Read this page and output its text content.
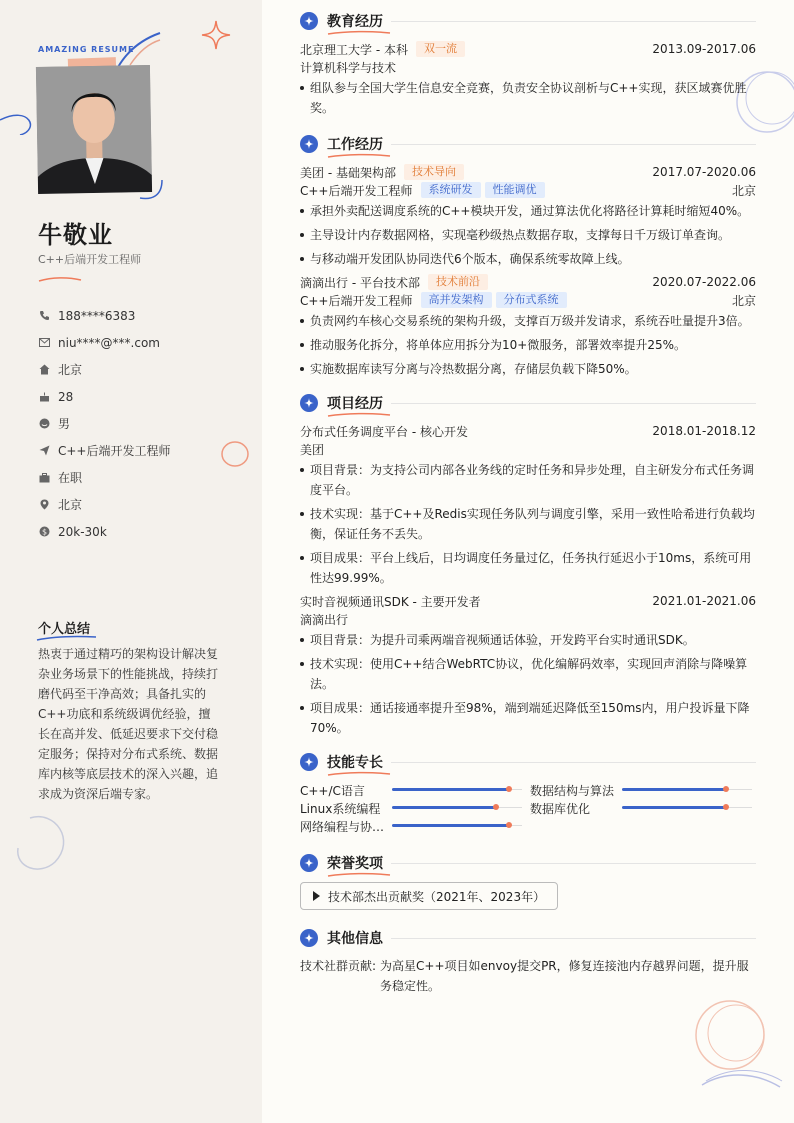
AMAZING RESUME
牛敬业
C++后端开发工程师
188****6383
niu****@***.com
北京
28
男
C++后端开发工程师
在职
北京
$ 20k-30k
个人总结
热衷于通过精巧的架构设计解决复杂业务场景下的性能挑战，持续打磨代码至干净高效；具备扎实的C++功底和系统级调优经验，擅长在高并发、低延迟要求下交付稳定服务；保持对分布式系统、数据库内核等底层技术的深入兴趣，追求成为资深后端专家。
教育经历
北京理工大学 - 本科	双一流	2013.09-2017.06
计算机科学与技术
组队参与全国大学生信息安全竞赛，负责安全协议剖析与C++实现，获区域赛优胜奖。
工作经历
美团 - 基础架构部	技术导向	2017.07-2020.06
C++后端开发工程师	系统研发	性能调优	北京
承担外卖配送调度系统的C++模块开发，通过算法优化将路径计算耗时缩短40%。
主导设计内存数据网格，实现毫秒级热点数据存取，支撑每日千万级订单查询。
与移动端开发团队协同迭代6个版本，确保系统零故障上线。
滴滴出行 - 平台技术部	技术前沿	2020.07-2022.06
C++后端开发工程师	高并发架构	分布式系统	北京
负责网约车核心交易系统的架构升级，支撑百万级并发请求，系统吞吐量提升3倍。
推动服务化拆分，将单体应用拆分为10+微服务，部署效率提升25%。
实施数据库读写分离与冷热数据分离，存储层负载下降50%。
项目经历
分布式任务调度平台 - 核心开发	2018.01-2018.12
美团
项目背景：为支持公司内部各业务线的定时任务和异步处理，自主研发分布式任务调度平台。
技术实现：基于C++及Redis实现任务队列与调度引擎，采用一致性哈希进行负载均衡，保证任务不丢失。
项目成果：平台上线后，日均调度任务量过亿，任务执行延迟小于10ms，系统可用性达99.99%。
实时音视频通讯SDK - 主要开发者	2021.01-2021.06
滴滴出行
项目背景：为提升司乘两端音视频通话体验，开发跨平台实时通讯SDK。
技术实现：使用C++结合WebRTC协议，优化编解码效率，实现回声消除与降噪算法。
项目成果：通话接通率提升至98%，端到端延迟降低至150ms内，用户投诉量下降70%。
技能专长
C++/C语言	数据结构与算法
Linux系统编程	数据库优化
网络编程与协…
荣誉奖项
技术部杰出贡献奖（2021年、2023年）
其他信息
技术社群贡献: 为高星C++项目如envoy提交PR，修复连接池内存越界问题，提升服务稳定性。
